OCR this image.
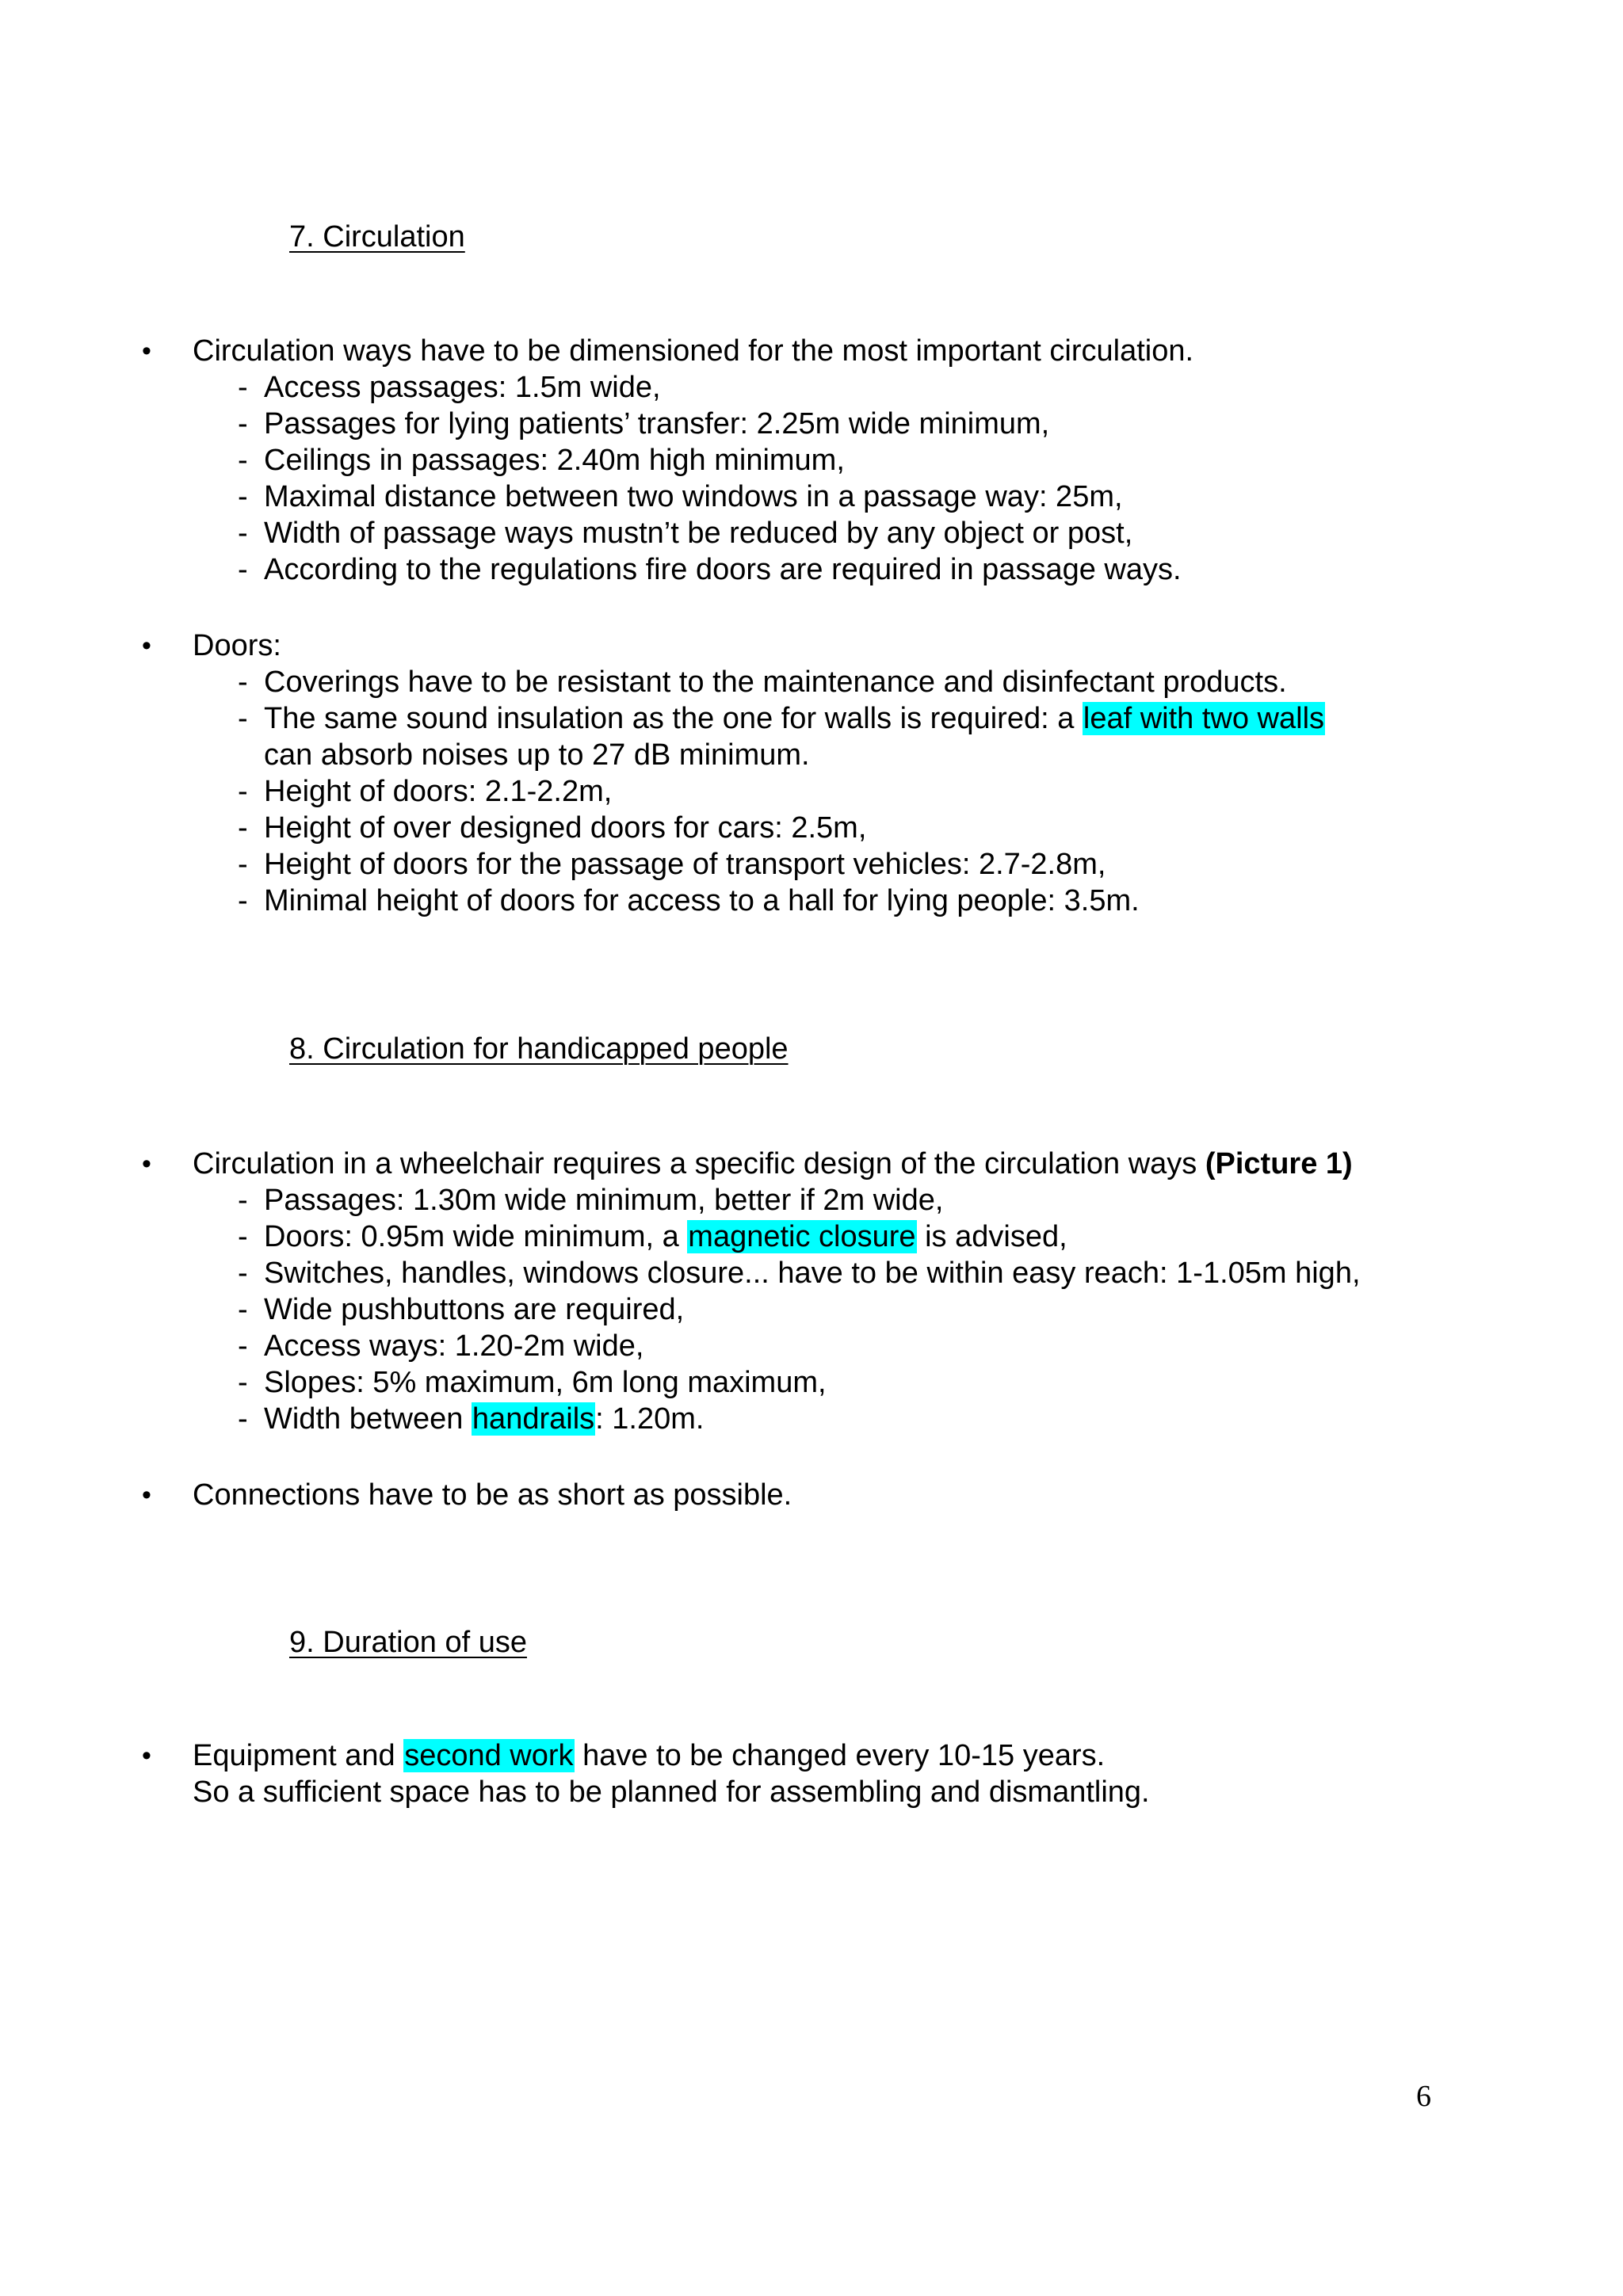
7. Circulation
• Circulation ways have to be dimensioned for the most important circulation.
- Access passages: 1.5m wide,
- Passages for lying patients’ transfer: 2.25m wide minimum,
- Ceilings in passages: 2.40m high minimum,
- Maximal distance between two windows in a passage way: 25m,
- Width of passage ways mustn’t be reduced by any object or post,
- According to the regulations fire doors are required in passage ways.
• Doors:
- Coverings have to be resistant to the maintenance and disinfectant products.
- The same sound insulation as the one for walls is required: a leaf with two walls
can absorb noises up to 27 dB minimum.
- Height of doors: 2.1-2.2m,
- Height of over designed doors for cars: 2.5m,
- Height of doors for the passage of transport vehicles: 2.7-2.8m,
- Minimal height of doors for access to a hall for lying people: 3.5m.
8. Circulation for handicapped people
• Circulation in a wheelchair requires a specific design of the circulation ways (Picture 1)
- Passages: 1.30m wide minimum, better if 2m wide,
- Doors: 0.95m wide minimum, a magnetic closure is advised,
- Switches, handles, windows closure... have to be within easy reach: 1-1.05m high,
- Wide pushbuttons are required,
- Access ways: 1.20-2m wide,
- Slopes: 5% maximum, 6m long maximum,
- Width between handrails: 1.20m.
• Connections have to be as short as possible.
9. Duration of use
• Equipment and second work have to be changed every 10-15 years.
So a sufficient space has to be planned for assembling and dismantling.
6
